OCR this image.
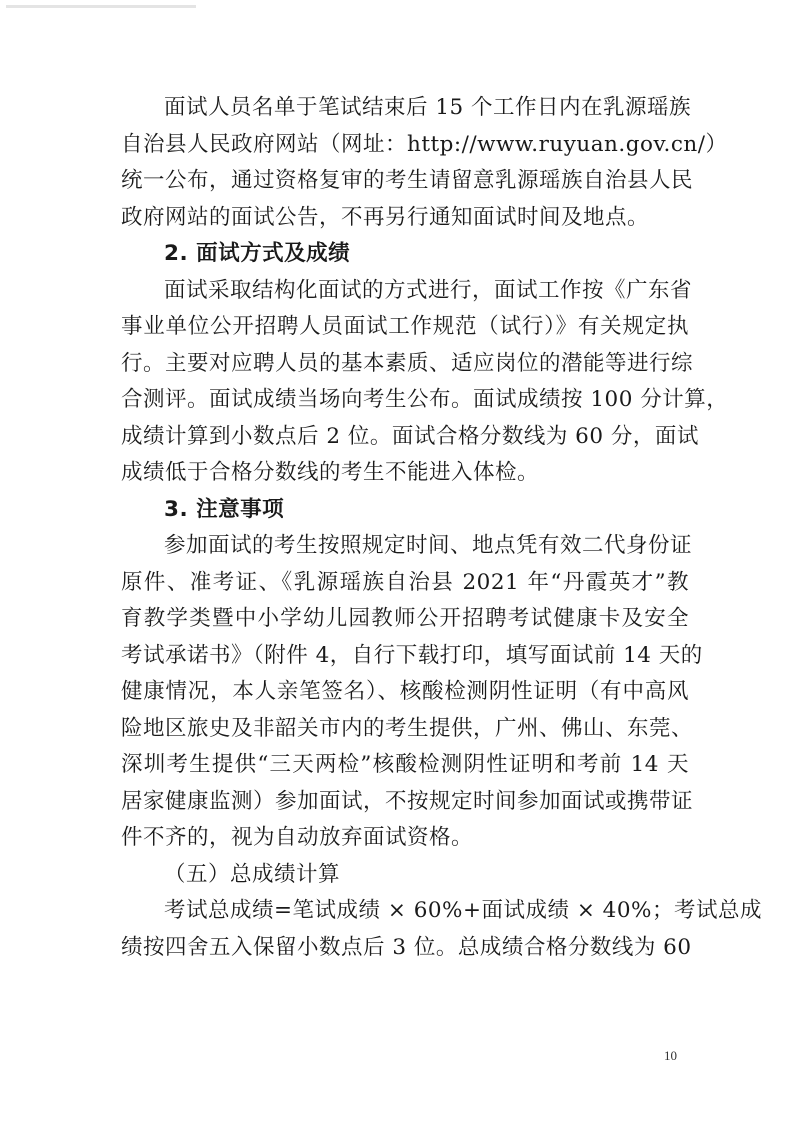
面试人员名单于笔试结束后 15 个工作日内在乳源瑶族
自治县人民政府网站（网址：http://www.ruyuan.gov.cn/）
统一公布，通过资格复审的考生请留意乳源瑶族自治县人民
政府网站的面试公告，不再另行通知面试时间及地点。
2. 面试方式及成绩
面试采取结构化面试的方式进行，面试工作按《广东省
事业单位公开招聘人员面试工作规范（试行）》有关规定执
行。主要对应聘人员的基本素质、适应岗位的潜能等进行综
合测评。面试成绩当场向考生公布。面试成绩按 100 分计算，
成绩计算到小数点后 2 位。面试合格分数线为 60 分，面试
成绩低于合格分数线的考生不能进入体检。
3. 注意事项
参加面试的考生按照规定时间、地点凭有效二代身份证
原件、准考证、《乳源瑶族自治县 2021 年“丹霞英才”教
育教学类暨中小学幼儿园教师公开招聘考试健康卡及安全
考试承诺书》（附件 4，自行下载打印，填写面试前 14 天的
健康情况，本人亲笔签名）、核酸检测阴性证明（有中高风
险地区旅史及非韶关市内的考生提供，广州、佛山、东莞、
深圳考生提供“三天两检”核酸检测阴性证明和考前 14 天
居家健康监测）参加面试，不按规定时间参加面试或携带证
件不齐的，视为自动放弃面试资格。
（五）总成绩计算
考试总成绩=笔试成绩 × 60%+面试成绩 × 40%；考试总成
绩按四舍五入保留小数点后 3 位。总成绩合格分数线为 60
10
